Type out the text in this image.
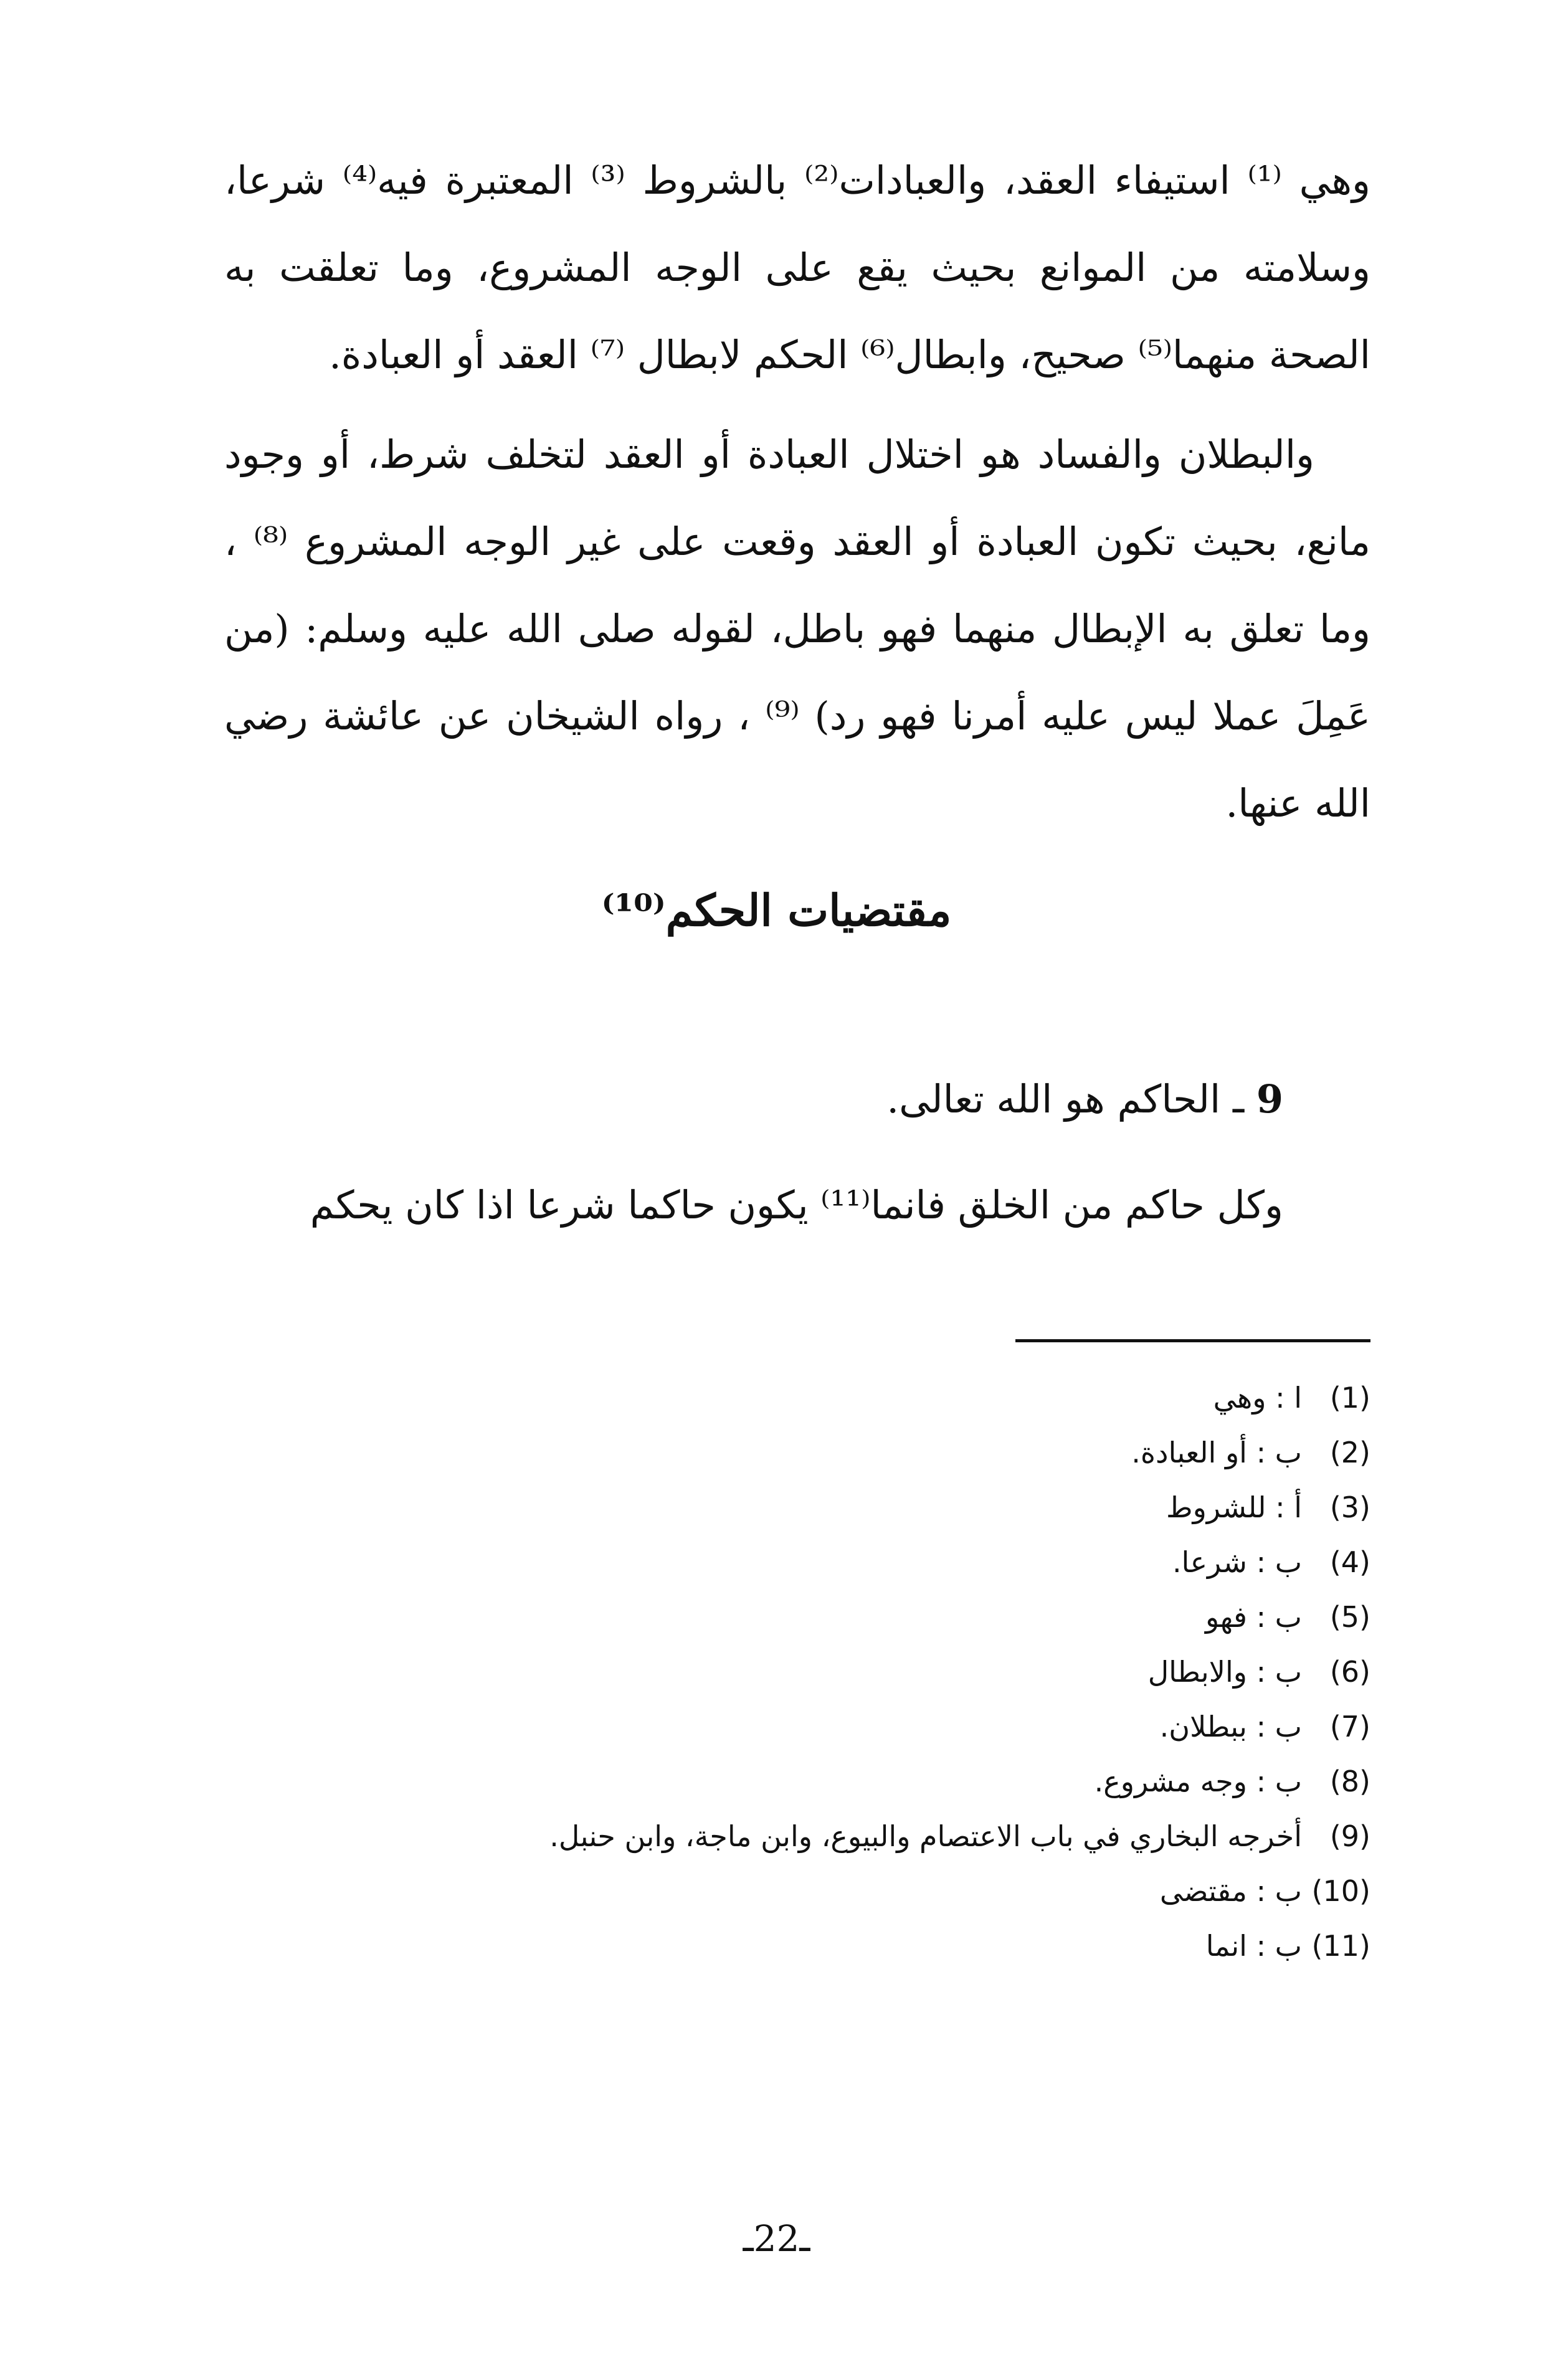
وهي ⁽¹⁾ استيفاء العقد، والعبادات⁽²⁾ بالشروط ⁽³⁾ المعتبرة فيه⁽⁴⁾ شرعا، وسلامته من الموانع بحيث يقع على الوجه المشروع، وما تعلقت به الصحة منهما⁽⁵⁾ صحيح، وابطال⁽⁶⁾ الحكم لابطال ⁽⁷⁾ العقد أو العبادة.

والبطلان والفساد هو اختلال العبادة أو العقد لتخلف شرط، أو وجود مانع، بحيث تكون العبادة أو العقد وقعت على غير الوجه المشروع ⁽⁸⁾ ، وما تعلق به الإبطال منهما فهو باطل، لقوله صلى الله عليه وسلم: (من عَمِلَ عملا ليس عليه أمرنا فهو رد) ⁽⁹⁾ ، رواه الشيخان عن عائشة رضي الله عنها.

مقتضيات الحكم⁽¹⁰⁾
9 ـ الحاكم هو الله تعالى.
وكل حاكم من الخلق فانما⁽¹¹⁾ يكون حاكما شرعا اذا كان يحكم
(1)ا : وهي
(2)ب : أو العبادة.
(3)أ : للشروط
(4)ب : شرعا.
(5)ب : فهو
(6)ب : والابطال
(7)ب : ببطلان.
(8)ب : وجه مشروع.
(9)أخرجه البخاري في باب الاعتصام والبيوع، وابن ماجة، وابن حنبل.
(10)ب : مقتضى
(11)ب : انما
ـ22ـ
